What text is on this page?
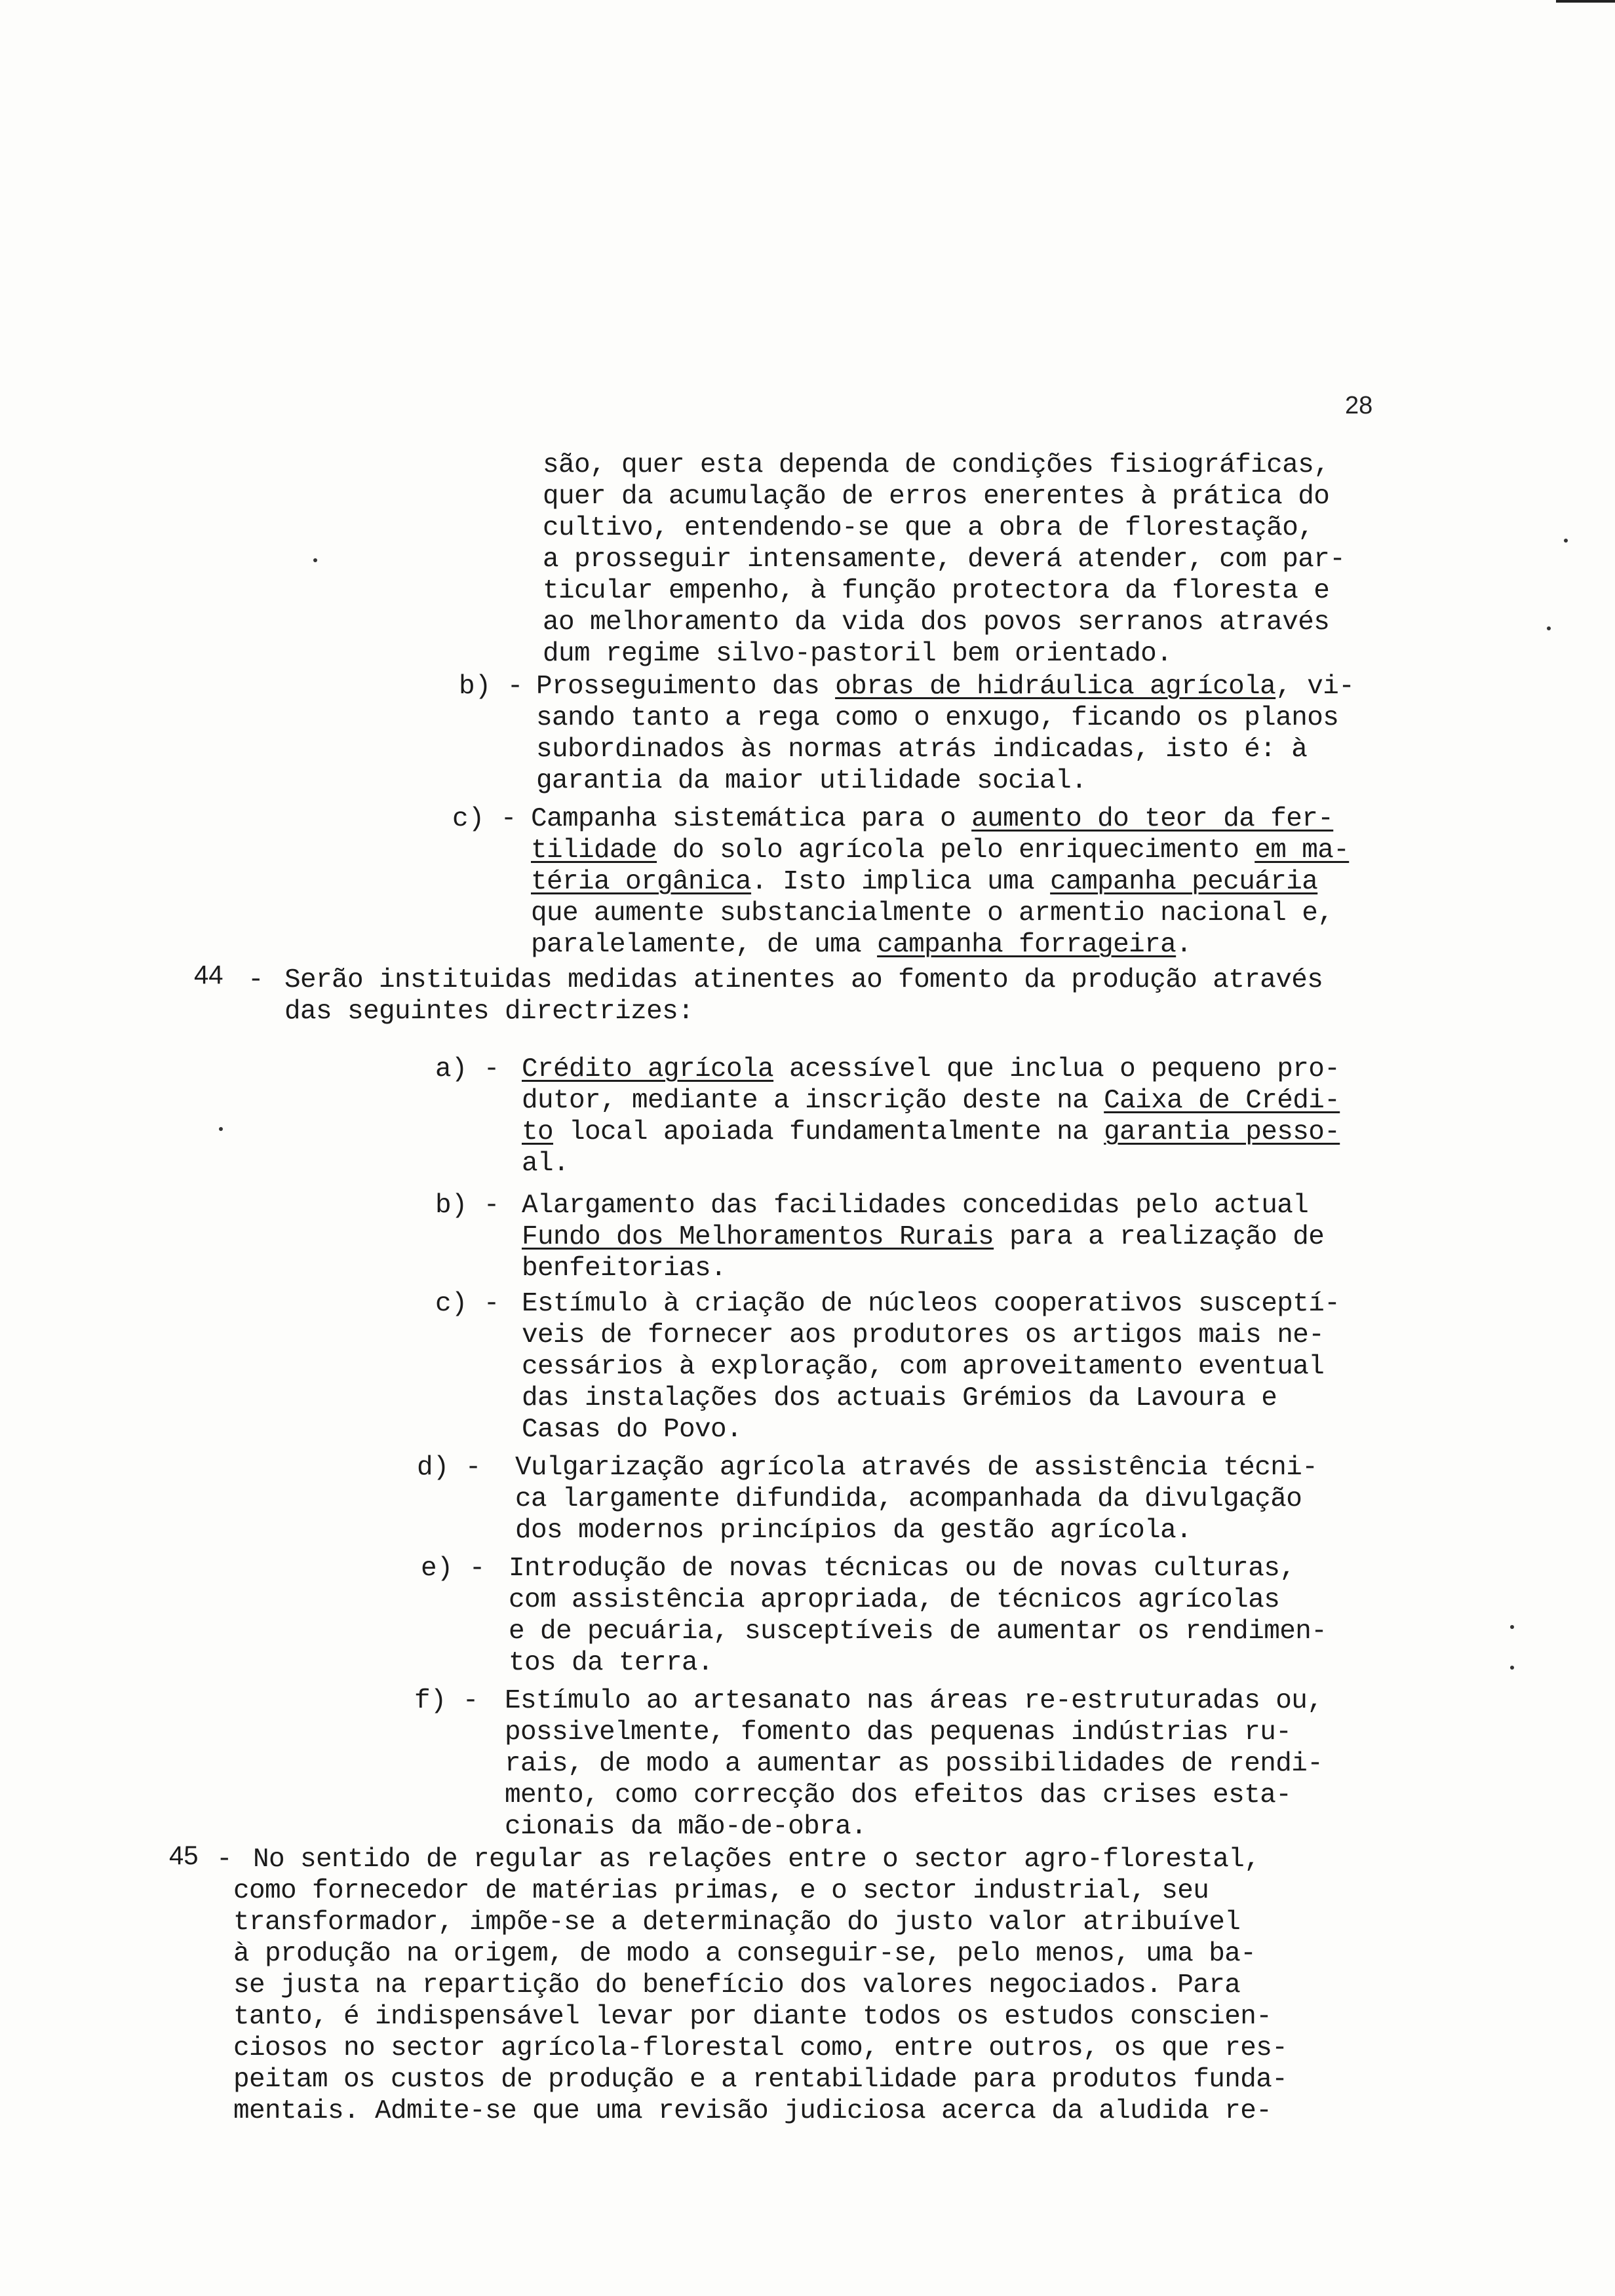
28
são, quer esta dependa de condições fisiográficas,
quer da acumulação de erros enerentes à prática do
cultivo, entendendo-se que a obra de florestação,
a prosseguir intensamente, deverá atender, com par-
ticular empenho, à função protectora da floresta e
ao melhoramento da vida dos povos serranos através
dum regime silvo-pastoril bem orientado.
b) - Prosseguimento das obras de hidráulica agrícola, vi-
sando tanto a rega como o enxugo, ficando os planos
subordinados às normas atrás indicadas, isto é: à
garantia da maior utilidade social.
c) - Campanha sistemática para o aumento do teor da fer-
tilidade do solo agrícola pelo enriquecimento em ma-
téria orgânica. Isto implica uma campanha pecuária
que aumente substancialmente o armentio nacional e,
paralelamente, de uma campanha forrageira.
44 - Serão instituidas medidas atinentes ao fomento da produção através
das seguintes directrizes:
a) - Crédito agrícola acessível que inclua o pequeno pro-
dutor, mediante a inscrição deste na Caixa de Crédi-
to local apoiada fundamentalmente na garantia pesso-
al.
b) - Alargamento das facilidades concedidas pelo actual
Fundo dos Melhoramentos Rurais para a realização de
benfeitorias.
c) - Estímulo à criação de núcleos cooperativos susceptí-
veis de fornecer aos produtores os artigos mais ne-
cessários à exploração, com aproveitamento eventual
das instalações dos actuais Grémios da Lavoura e
Casas do Povo.
d) - Vulgarização agrícola através de assistência técni-
ca largamente difundida, acompanhada da divulgação
dos modernos princípios da gestão agrícola.
e) - Introdução de novas técnicas ou de novas culturas,
com assistência apropriada, de técnicos agrícolas
e de pecuária, susceptíveis de aumentar os rendimen-
tos da terra.
f) - Estímulo ao artesanato nas áreas re-estruturadas ou,
possivelmente, fomento das pequenas indústrias ru-
rais, de modo a aumentar as possibilidades de rendi-
mento, como correcção dos efeitos das crises esta-
cionais da mão-de-obra.
45 - No sentido de regular as relações entre o sector agro-florestal,
como fornecedor de matérias primas, e o sector industrial, seu
transformador, impõe-se a determinação do justo valor atribuível
à produção na origem, de modo a conseguir-se, pelo menos, uma ba-
se justa na repartição do benefício dos valores negociados. Para
tanto, é indispensável levar por diante todos os estudos conscien-
ciosos no sector agrícola-florestal como, entre outros, os que res-
peitam os custos de produção e a rentabilidade para produtos funda-
mentais. Admite-se que uma revisão judiciosa acerca da aludida re-
